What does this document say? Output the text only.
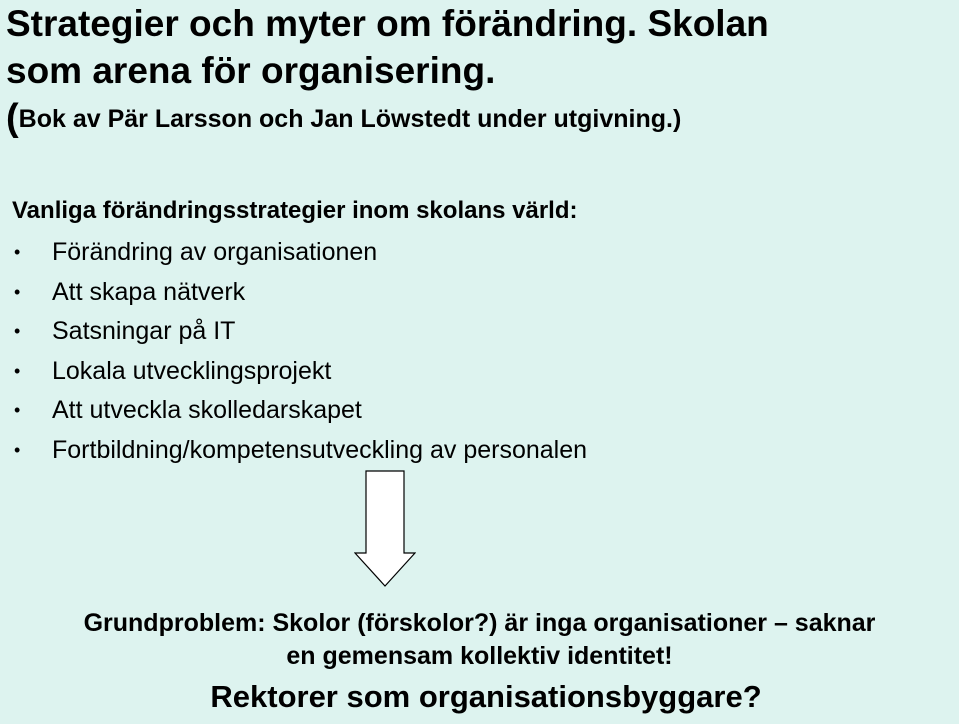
Strategier och myter om förändring. Skolan
som arena för organisering.
(Bok av Pär Larsson och Jan Löwstedt under utgivning.)
Vanliga förändringsstrategier inom skolans värld:
• Förändring av organisationen
• Att skapa nätverk
• Satsningar på IT
• Lokala utvecklingsprojekt
• Att utveckla skolledarskapet
• Fortbildning/kompetensutveckling av personalen
Grundproblem: Skolor (förskolor?) är inga organisationer – saknar
en gemensam kollektiv identitet!
Rektorer som organisationsbyggare?
